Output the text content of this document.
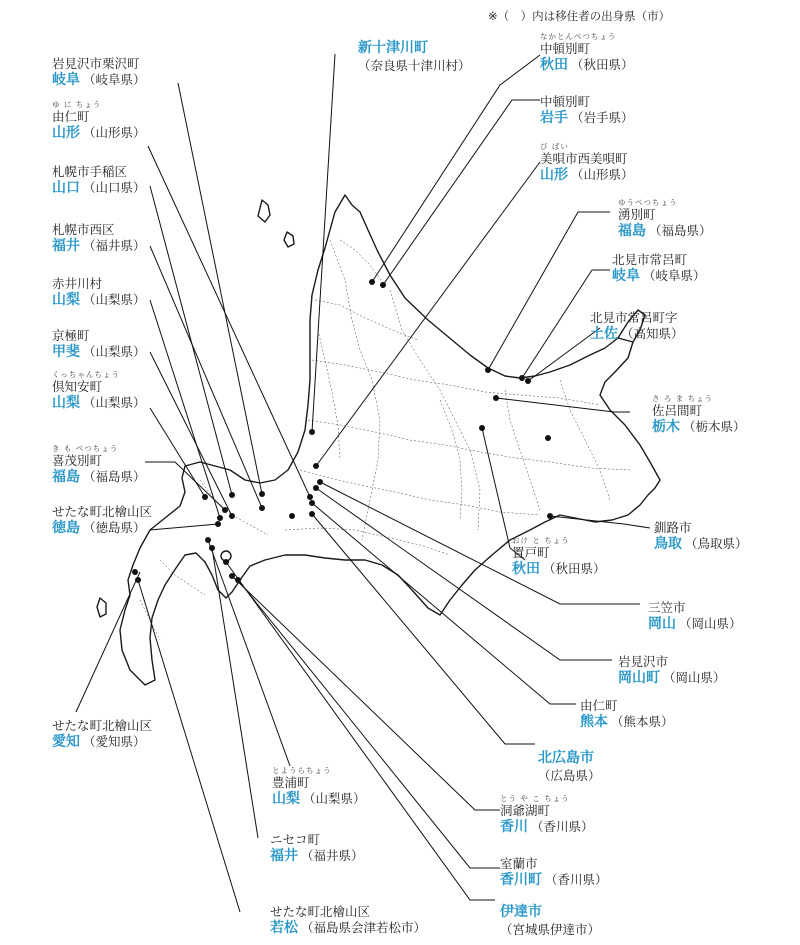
※（　）内は移住者の出身県（市）
岩見沢市栗沢町
岐阜 （岐阜県）
ゆ に ちょう
由仁町
山形 （山形県）
札幌市手稲区
山口 （山口県）
札幌市西区
福井 （福井県）
赤井川村
山梨 （山梨県）
京極町
甲斐 （山梨県）
くっちゃんちょう
倶知安町
山梨 （山梨県）
き も べつちょう
喜茂別町
福島 （福島県）
せたな町北檜山区
徳島 （徳島県）
せたな町北檜山区
愛知 （愛知県）
とようらちょう
豊浦町
山梨 （山梨県）
ニセコ町
福井 （福井県）
せたな町北檜山区
若松 （福島県会津若松市）
新十津川町
（奈良県十津川村）
なかとんべつちょう
中頓別町
秋田 （秋田県）
中頓別町
岩手 （岩手県）
び ばい
美唄市西美唄町
山形 （山形県）
ゆうべつちょう
湧別町
福島 （福島県）
北見市常呂町
岐阜 （岐阜県）
北見市常呂町字
土佐 （高知県）
さ ろ ま ちょう
佐呂間町
栃木 （栃木県）
釧路市
鳥取 （鳥取県）
おけ と ちょう
置戸町
秋田 （秋田県）
三笠市
岡山 （岡山県）
岩見沢市
岡山町 （岡山県）
由仁町
熊本 （熊本県）
北広島市
（広島県）
とう や こ ちょう
洞爺湖町
香川 （香川県）
室蘭市
香川町 （香川県）
伊達市
（宮城県伊達市）
